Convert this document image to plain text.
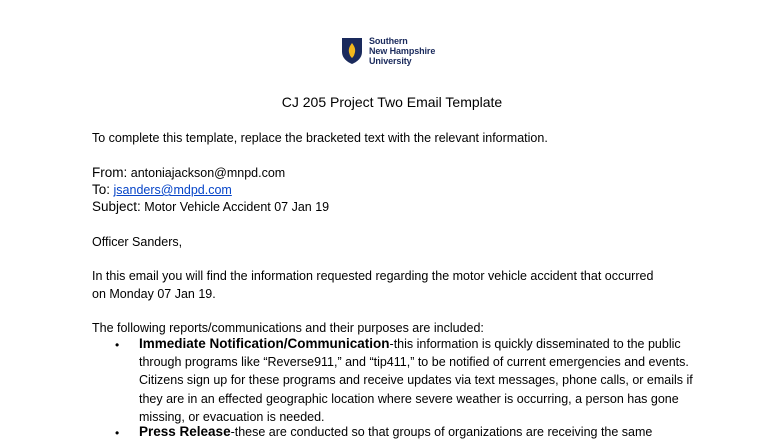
Southern
New Hampshire
University
CJ 205 Project Two Email Template
To complete this template, replace the bracketed text with the relevant information.
From: antoniajackson@mnpd.com
To: jsanders@mdpd.com
Subject: Motor Vehicle Accident 07 Jan 19
Officer Sanders,
In this email you will find the information requested regarding the motor vehicle accident that occurred
on Monday 07 Jan 19.
The following reports/communications and their purposes are included:
• Immediate Notification/Communication-this information is quickly disseminated to the public through programs like “Reverse911,” and “tip411,” to be notified of current emergencies and events. Citizens sign up for these programs and receive updates via text messages, phone calls, or emails if they are in an effected geographic location where severe weather is occurring, a person has gone missing, or evacuation is needed.

• Press Release-these are conducted so that groups of organizations are receiving the same
